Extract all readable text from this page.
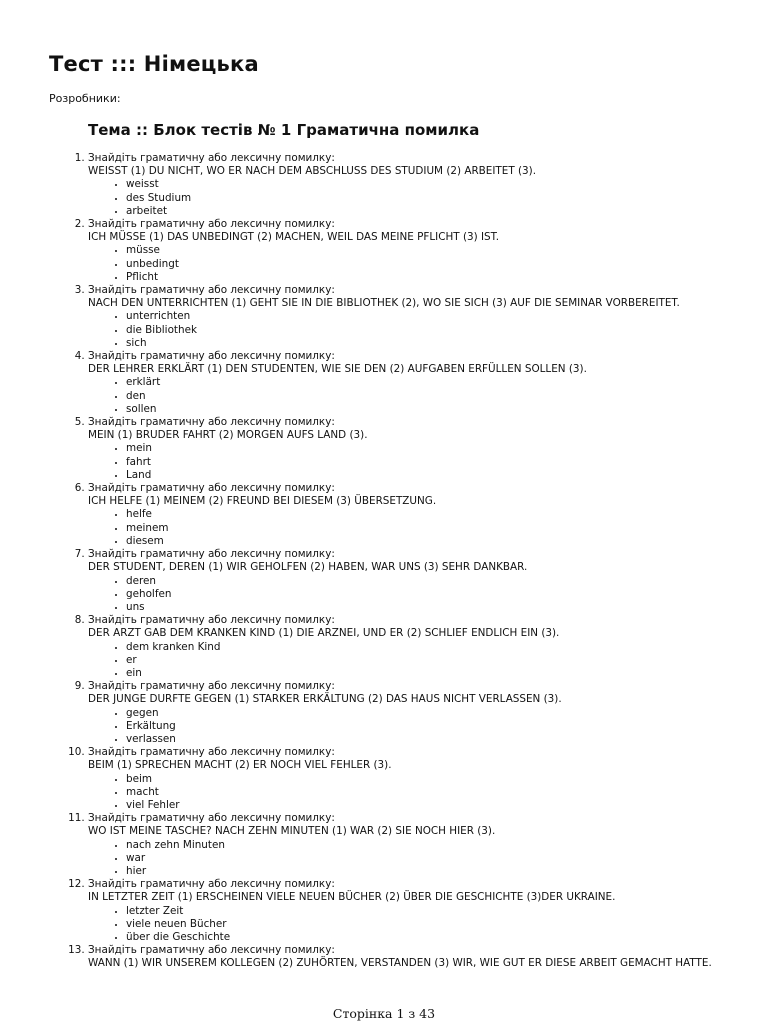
Тест ::: Німецька
Розробники:
Тема :: Блок тестів № 1 Граматична помилка
1. Знайдіть граматичну або лексичну помилку:
WEISST (1) DU NICHT, WO ER NACH DEM ABSCHLUSS DES STUDIUM (2) ARBEITET (3).
• weisst
• des Studium
• arbeitet
2. Знайдіть граматичну або лексичну помилку:
ICH MÜSSE (1) DAS UNBEDINGT (2) MACHEN, WEIL DAS MEINE PFLICHT (3) IST.
• müsse
• unbedingt
• Pflicht
3. Знайдіть граматичну або лексичну помилку:
NACH DEN UNTERRICHTEN (1) GEHT SIE IN DIE BIBLIOTHEK (2), WO SIE SICH (3) AUF DIE SEMINAR VORBEREITET.
• unterrichten
• die Bibliothek
• sich
4. Знайдіть граматичну або лексичну помилку:
DER LEHRER ERKLÄRT (1) DEN STUDENTEN, WIE SIE DEN (2) AUFGABEN ERFÜLLEN SOLLEN (3).
• erklärt
• den
• sollen
5. Знайдіть граматичну або лексичну помилку:
MEIN (1) BRUDER FAHRT (2) MORGEN AUFS LAND (3).
• mein
• fahrt
• Land
6. Знайдіть граматичну або лексичну помилку:
ICH HELFE (1) MEINEM (2) FREUND BEI DIESEM (3) ÜBERSETZUNG.
• helfe
• meinem
• diesem
7. Знайдіть граматичну або лексичну помилку:
DER STUDENT, DEREN (1) WIR GEHOLFEN (2) HABEN, WAR UNS (3) SEHR DANKBAR.
• deren
• geholfen
• uns
8. Знайдіть граматичну або лексичну помилку:
DER ARZT GAB DEM KRANKEN KIND (1) DIE ARZNEI, UND ER (2) SCHLIEF ENDLICH EIN (3).
• dem kranken Kind
• er
• ein
9. Знайдіть граматичну або лексичну помилку:
DER JUNGE DURFTE GEGEN (1) STARKER ERKÄLTUNG (2) DAS HAUS NICHT VERLASSEN (3).
• gegen
• Erkältung
• verlassen
10. Знайдіть граматичну або лексичну помилку:
BEIM (1) SPRECHEN MACHT (2) ER NOCH VIEL FEHLER (3).
• beim
• macht
• viel Fehler
11. Знайдіть граматичну або лексичну помилку:
WO IST MEINE TASCHE? NACH ZEHN MINUTEN (1) WAR (2) SIE NOCH HIER (3).
• nach zehn Minuten
• war
• hier
12. Знайдіть граматичну або лексичну помилку:
IN LETZTER ZEIT (1) ERSCHEINEN VIELE NEUEN BÜCHER (2) ÜBER DIE GESCHICHTE (3)DER UKRAINE.
• letzter Zeit
• viele neuen Bücher
• über die Geschichte
13. Знайдіть граматичну або лексичну помилку:
WANN (1) WIR UNSEREM KOLLEGEN (2) ZUHÖRTEN, VERSTANDEN (3) WIR, WIE GUT ER DIESE ARBEIT GEMACHT HATTE.
Сторінка 1 з 43
